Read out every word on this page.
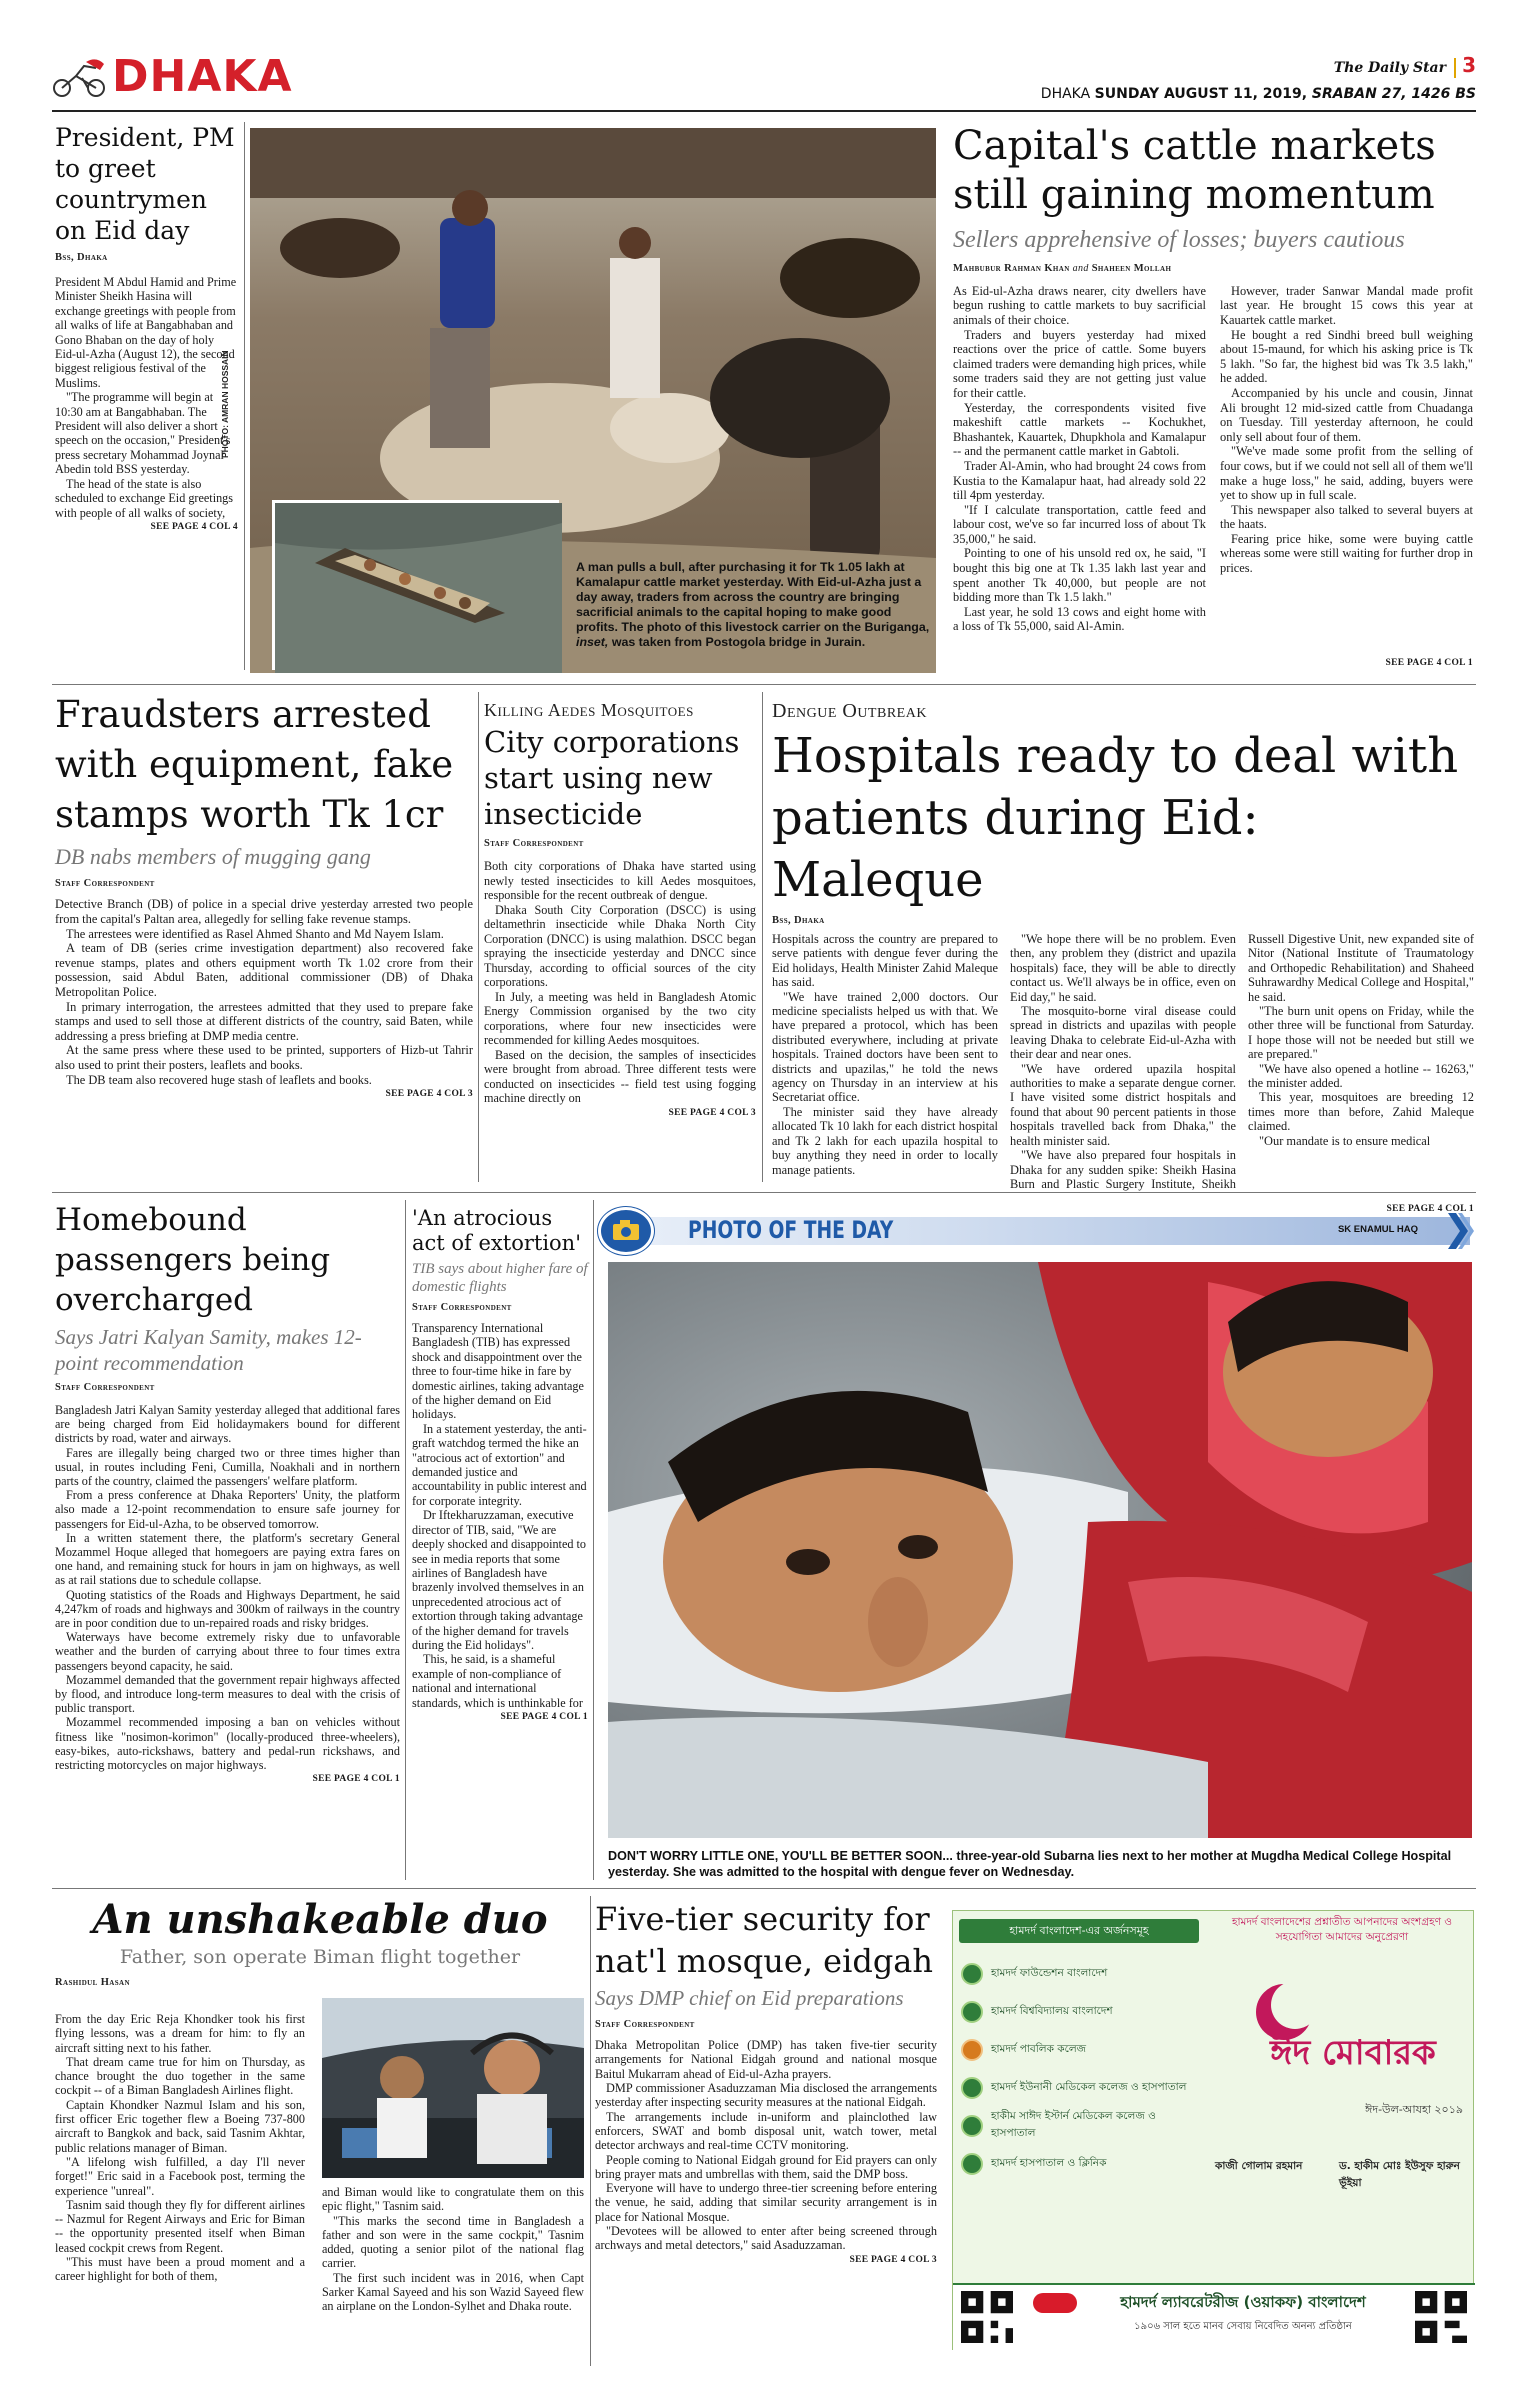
DHAKA	The Daily Star 3
DHAKA SUNDAY AUGUST 11, 2019, SRABAN 27, 1426 BS
President, PM to greet countrymen on Eid day
Bss, Dhaka

President M Abdul Hamid and Prime Minister Sheikh Hasina will exchange greetings with people from all walks of life at Bangabhaban and Gono Bhaban on the day of holy Eid-ul-Azha (August 12), the second biggest religious festival of the Muslims.

"The programme will begin at 10:30 am at Bangabhaban. The President will also deliver a short speech on the occasion," President's press secretary Mohammad Joynal Abedin told BSS yesterday.

The head of the state is also scheduled to exchange Eid greetings with people of all walks of society,

SEE PAGE 4 COL 4
PHOTO: AMRAN HOSSAIN
A man pulls a bull, after purchasing it for Tk 1.05 lakh at Kamalapur cattle market yesterday. With Eid-ul-Azha just a day away, traders from across the country are bringing sacrificial animals to the capital hoping to make good profits. The photo of this livestock carrier on the Buriganga, inset, was taken from Postogola bridge in Jurain.
Capital's cattle markets still gaining momentum
Sellers apprehensive of losses; buyers cautious
Mahbubur Rahman Khan and Shaheen Mollah

As Eid-ul-Azha draws nearer, city dwellers have begun rushing to cattle markets to buy sacrificial animals of their choice.

Traders and buyers yesterday had mixed reactions over the price of cattle. Some buyers claimed traders were demanding high prices, while some traders said they are not getting just value for their cattle.

Yesterday, the correspondents visited five makeshift cattle markets -- Kochukhet, Bhashantek, Kauartek, Dhupkhola and Kamalapur -- and the permanent cattle market in Gabtoli.

Trader Al-Amin, who had brought 24 cows from Kustia to the Kamalapur haat, had already sold 22 till 4pm yesterday.

"If I calculate transportation, cattle feed and labour cost, we've so far incurred loss of about Tk 35,000," he said.

Pointing to one of his unsold red ox, he said, "I bought this big one at Tk 1.35 lakh last year and spent another Tk 40,000, but people are not bidding more than Tk 1.5 lakh."

Last year, he sold 13 cows and eight home with a loss of Tk 55,000, said Al-Amin.

However, trader Sanwar Mandal made profit last year. He brought 15 cows this year at Kauartek cattle market.

He bought a red Sindhi breed bull weighing about 15-maund, for which his asking price is Tk 5 lakh. "So far, the highest bid was Tk 3.5 lakh," he added.

Accompanied by his uncle and cousin, Jinnat Ali brought 12 mid-sized cattle from Chuadanga on Tuesday. Till yesterday afternoon, he could only sell about four of them.

"We've made some profit from the selling of four cows, but if we could not sell all of them we'll make a huge loss," he said, adding, buyers were yet to show up in full scale.

This newspaper also talked to several buyers at the haats.

Fearing price hike, some were buying cattle whereas some were still waiting for further drop in prices.

SEE PAGE 4 COL 1
Fraudsters arrested with equipment, fake stamps worth Tk 1cr
DB nabs members of mugging gang
Staff Correspondent

Detective Branch (DB) of police in a special drive yesterday arrested two people from the capital's Paltan area, allegedly for selling fake revenue stamps.

The arrestees were identified as Rasel Ahmed Shanto and Md Nayem Islam.

A team of DB (series crime investigation department) also recovered fake revenue stamps, plates and others equipment worth Tk 1.02 crore from their possession, said Abdul Baten, additional commissioner (DB) of Dhaka Metropolitan Police.

In primary interrogation, the arrestees admitted that they used to prepare fake stamps and used to sell those at different districts of the country, said Baten, while addressing a press briefing at DMP media centre.

At the same press where these used to be printed, supporters of Hizb-ut Tahrir also used to print their posters, leaflets and books.

The DB team also recovered huge stash of leaflets and books.

SEE PAGE 4 COL 3
Killing Aedes Mosquitoes
City corporations start using new insecticide
Staff Correspondent

Both city corporations of Dhaka have started using newly tested insecticides to kill Aedes mosquitoes, responsible for the recent outbreak of dengue.

Dhaka South City Corporation (DSCC) is using deltamethrin insecticide while Dhaka North City Corporation (DNCC) is using malathion. DSCC began spraying the insecticide yesterday and DNCC since Thursday, according to official sources of the city corporations.

In July, a meeting was held in Bangladesh Atomic Energy Commission organised by the two city corporations, where four new insecticides were recommended for killing Aedes mosquitoes.

Based on the decision, the samples of insecticides were brought from abroad. Three different tests were conducted on insecticides -- field test using fogging machine directly on

SEE PAGE 4 COL 3
Dengue Outbreak
Hospitals ready to deal with patients during Eid: Maleque
Bss, Dhaka

Hospitals across the country are prepared to serve patients with dengue fever during the Eid holidays, Health Minister Zahid Maleque has said.

"We have trained 2,000 doctors. Our medicine specialists helped us with that. We have prepared a protocol, which has been distributed everywhere, including at private hospitals. Trained doctors have been sent to districts and upazilas," he told the news agency on Thursday in an interview at his Secretariat office.

The minister said they have already allocated Tk 10 lakh for each district hospital and Tk 2 lakh for each upazila hospital to buy anything they need in order to locally manage patients.

"We hope there will be no problem. Even then, any problem they (district and upazila hospitals) face, they will be able to directly contact us. We'll always be in office, even on Eid day," he said.

The mosquito-borne viral disease could spread in districts and upazilas with people leaving Dhaka to celebrate Eid-ul-Azha with their dear and near ones.

"We have ordered upazila hospital authorities to make a separate dengue corner. I have visited some district hospitals and found that about 90 percent patients in those hospitals travelled back from Dhaka," the health minister said.

"We have also prepared four hospitals in Dhaka for any sudden spike: Sheikh Hasina Burn and Plastic Surgery Institute, Sheikh Russell Digestive Unit, new expanded site of Nitor (National Institute of Traumatology and Orthopedic Rehabilitation) and Shaheed Suhrawardhy Medical College and Hospital," he said.

"The burn unit opens on Friday, while the other three will be functional from Saturday. I hope those will not be needed but still we are prepared."

"We have also opened a hotline -- 16263," the minister added.

This year, mosquitoes are breeding 12 times more than before, Zahid Maleque claimed.

"Our mandate is to ensure medical

SEE PAGE 4 COL 1
Homebound passengers being overcharged
Says Jatri Kalyan Samity, makes 12-point recommendation
Staff Correspondent

Bangladesh Jatri Kalyan Samity yesterday alleged that additional fares are being charged from Eid holidaymakers bound for different districts by road, water and airways.

Fares are illegally being charged two or three times higher than usual, in routes including Feni, Cumilla, Noakhali and in northern parts of the country, claimed the passengers' welfare platform.

From a press conference at Dhaka Reporters' Unity, the platform also made a 12-point recommendation to ensure safe journey for passengers for Eid-ul-Azha, to be observed tomorrow.

In a written statement there, the platform's secretary General Mozammel Hoque alleged that homegoers are paying extra fares on one hand, and remaining stuck for hours in jam on highways, as well as at rail stations due to schedule collapse.

Quoting statistics of the Roads and Highways Department, he said 4,247km of roads and highways and 300km of railways in the country are in poor condition due to un-repaired roads and risky bridges.

Waterways have become extremely risky due to unfavorable weather and the burden of carrying about three to four times extra passengers beyond capacity, he said.

Mozammel demanded that the government repair highways affected by flood, and introduce long-term measures to deal with the crisis of public transport.

Mozammel recommended imposing a ban on vehicles without fitness like "nosimon-korimon" (locally-produced three-wheelers), easy-bikes, auto-rickshaws, battery and pedal-run rickshaws, and restricting motorcycles on major highways.

SEE PAGE 4 COL 1
'An atrocious act of extortion'
TIB says about higher fare of domestic flights
Staff Correspondent

Transparency International Bangladesh (TIB) has expressed shock and disappointment over the three to four-time hike in fare by domestic airlines, taking advantage of the higher demand on Eid holidays.

In a statement yesterday, the anti-graft watchdog termed the hike an "atrocious act of extortion" and demanded justice and accountability in public interest and for corporate integrity.

Dr Iftekharuzzaman, executive director of TIB, said, "We are deeply shocked and disappointed to see in media reports that some airlines of Bangladesh have brazenly involved themselves in an unprecedented atrocious act of extortion through taking advantage of the higher demand for travels during the Eid holidays".

This, he said, is a shameful example of non-compliance of national and international standards, which is unthinkable for

SEE PAGE 4 COL 1
PHOTO OF THE DAY	SK ENAMUL HAQ
DON'T WORRY LITTLE ONE, YOU'LL BE BETTER SOON... three-year-old Subarna lies next to her mother at Mugdha Medical College Hospital yesterday. She was admitted to the hospital with dengue fever on Wednesday.
An unshakeable duo
Father, son operate Biman flight together
Rashidul Hasan

From the day Eric Reja Khondker took his first flying lessons, was a dream for him: to fly an aircraft sitting next to his father.

That dream came true for him on Thursday, as chance brought the duo together in the same cockpit -- of a Biman Bangladesh Airlines flight.

Captain Khondker Nazmul Islam and his son, first officer Eric together flew a Boeing 737-800 aircraft to Bangkok and back, said Tasnim Akhtar, public relations manager of Biman.

"A lifelong wish fulfilled, a day I'll never forget!" Eric said in a Facebook post, terming the experience "unreal".

Tasnim said though they fly for different airlines -- Nazmul for Regent Airways and Eric for Biman -- the opportunity presented itself when Biman leased cockpit crews from Regent.

"This must have been a proud moment and a career highlight for both of them,

and Biman would like to congratulate them on this epic flight," Tasnim said.

"This marks the second time in Bangladesh a father and son were in the same cockpit," Tasnim added, quoting a senior pilot of the national flag carrier.

The first such incident was in 2016, when Capt Sarker Kamal Sayeed and his son Wazid Sayeed flew an airplane on the London-Sylhet and Dhaka route.

Five-tier security for nat'l mosque, eidgah
Says DMP chief on Eid preparations
Staff Correspondent

Dhaka Metropolitan Police (DMP) has taken five-tier security arrangements for National Eidgah ground and national mosque Baitul Mukarram ahead of Eid-ul-Azha prayers.

DMP commissioner Asaduzzaman Mia disclosed the arrangements yesterday after inspecting security measures at the national Eidgah.

The arrangements include in-uniform and plainclothed law enforcers, SWAT and bomb disposal unit, watch tower, metal detector archways and real-time CCTV monitoring.

People coming to National Eidgah ground for Eid prayers can only bring prayer mats and umbrellas with them, said the DMP boss.

Everyone will have to undergo three-tier screening before entering the venue, he said, adding that similar security arrangement is in place for National Mosque.

"Devotees will be allowed to enter after being screened through archways and metal detectors," said Asaduzzaman.

SEE PAGE 4 COL 3
হামদর্দ বাংলাদেশ-এর অর্জনসমূহ
হামদর্দ বাংলাদেশের প্রশ্নাতীত আপনাদের অংশগ্রহণ ও সহযোগিতা আমাদের অনুপ্রেরণা
হামদর্দ ফাউন্ডেশন বাংলাদেশ
হামদর্দ বিশ্ববিদ্যালয় বাংলাদেশ
হামদর্দ পাবলিক কলেজ
হামদর্দ ইউনানী মেডিকেল কলেজ ও হাসপাতাল
হাকীম সাঈদ ইস্টার্ন মেডিকেল কলেজ ও হাসপাতাল
হামদর্দ হাসপাতাল ও ক্লিনিক
ঈদ মোবারক
ঈদ-উল-আযহা ২০১৯
কাজী গোলাম রহমান	ড. হাকীম মোঃ ইউসুফ হারুন ভূঁইয়া
হামদর্দ ল্যাবরেটরীজ (ওয়াকফ) বাংলাদেশ
১৯০৬ সাল হতে মানব সেবায় নিবেদিত অনন্য প্রতিষ্ঠান
